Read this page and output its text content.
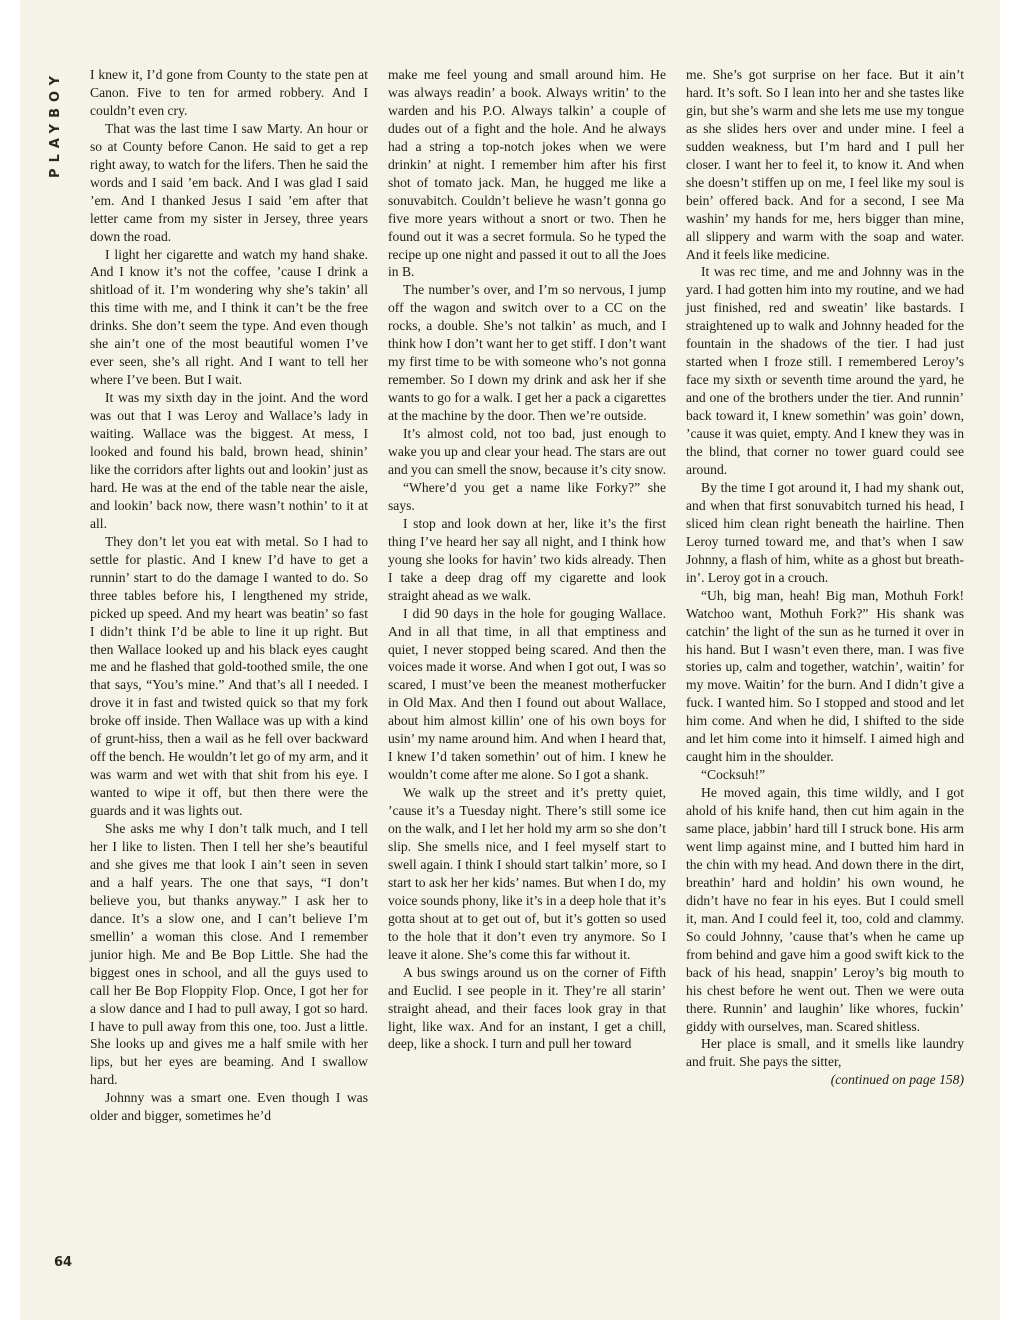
PLAYBOY I knew it, I’d gone from County to the state pen at Canon. Five to ten for armed robbery. And I couldn’t even cry.

That was the last time I saw Marty. An hour or so at County before Canon. He said to get a rep right away, to watch for the lifers. Then he said the words and I said ’em back. And I was glad I said ’em. And I thanked Jesus I said ’em after that letter came from my sister in Jersey, three years down the road.

I light her cigarette and watch my hand shake. And I know it’s not the coffee, ’cause I drink a shitload of it. I’m wondering why she’s takin’ all this time with me, and I think it can’t be the free drinks. She don’t seem the type. And even though she ain’t one of the most beautiful women I’ve ever seen, she’s all right. And I want to tell her where I’ve been. But I wait.

It was my sixth day in the joint. And the word was out that I was Leroy and Wallace’s lady in waiting. Wallace was the biggest. At mess, I looked and found his bald, brown head, shinin’ like the corridors after lights out and lookin’ just as hard. He was at the end of the table near the aisle, and lookin’ back now, there wasn’t nothin’ to it at all.

They don’t let you eat with metal. So I had to settle for plastic. And I knew I’d have to get a runnin’ start to do the damage I wanted to do. So three tables before his, I lengthened my stride, picked up speed. And my heart was beatin’ so fast I didn’t think I’d be able to line it up right. But then Wallace looked up and his black eyes caught me and he flashed that gold-toothed smile, the one that says, “You’s mine.” And that’s all I needed. I drove it in fast and twisted quick so that my fork broke off inside. Then Wallace was up with a kind of grunt-hiss, then a wail as he fell over backward off the bench. He wouldn’t let go of my arm, and it was warm and wet with that shit from his eye. I wanted to wipe it off, but then there were the guards and it was lights out.

She asks me why I don’t talk much, and I tell her I like to listen. Then I tell her she’s beautiful and she gives me that look I ain’t seen in seven and a half years. The one that says, “I don’t believe you, but thanks anyway.” I ask her to dance. It’s a slow one, and I can’t believe I’m smellin’ a woman this close. And I remember junior high. Me and Be Bop Little. She had the biggest ones in school, and all the guys used to call her Be Bop Floppity Flop. Once, I got her for a slow dance and I had to pull away, I got so hard. I have to pull away from this one, too. Just a little. She looks up and gives me a half smile with her lips, but her eyes are beaming. And I swallow hard.

Johnny was a smart one. Even though I was older and bigger, sometimes he’d

make me feel young and small around him. He was always readin’ a book. Always writin’ to the warden and his P.O. Always talkin’ a couple of dudes out of a fight and the hole. And he always had a string a top-notch jokes when we were drinkin’ at night. I remember him after his first shot of tomato jack. Man, he hugged me like a sonuvabitch. Couldn’t believe he wasn’t gonna go five more years without a snort or two. Then he found out it was a secret formula. So he typed the recipe up one night and passed it out to all the Joes in B.

The number’s over, and I’m so nervous, I jump off the wagon and switch over to a CC on the rocks, a double. She’s not talkin’ as much, and I think how I don’t want her to get stiff. I don’t want my first time to be with someone who’s not gonna remember. So I down my drink and ask her if she wants to go for a walk. I get her a pack a cigarettes at the machine by the door. Then we’re outside.

It’s almost cold, not too bad, just enough to wake you up and clear your head. The stars are out and you can smell the snow, because it’s city snow.

“Where’d you get a name like Forky?” she says.

I stop and look down at her, like it’s the first thing I’ve heard her say all night, and I think how young she looks for havin’ two kids already. Then I take a deep drag off my cigarette and look straight ahead as we walk.

I did 90 days in the hole for gouging Wallace. And in all that time, in all that emptiness and quiet, I never stopped being scared. And then the voices made it worse. And when I got out, I was so scared, I must’ve been the meanest motherfucker in Old Max. And then I found out about Wallace, about him almost killin’ one of his own boys for usin’ my name around him. And when I heard that, I knew I’d taken somethin’ out of him. I knew he wouldn’t come after me alone. So I got a shank.

We walk up the street and it’s pretty quiet, ’cause it’s a Tuesday night. There’s still some ice on the walk, and I let her hold my arm so she don’t slip. She smells nice, and I feel myself start to swell again. I think I should start talkin’ more, so I start to ask her her kids’ names. But when I do, my voice sounds phony, like it’s in a deep hole that it’s gotta shout at to get out of, but it’s gotten so used to the hole that it don’t even try anymore. So I leave it alone. She’s come this far without it.

A bus swings around us on the corner of Fifth and Euclid. I see people in it. They’re all starin’ straight ahead, and their faces look gray in that light, like wax. And for an instant, I get a chill, deep, like a shock. I turn and pull her toward

me. She’s got surprise on her face. But it ain’t hard. It’s soft. So I lean into her and she tastes like gin, but she’s warm and she lets me use my tongue as she slides hers over and under mine. I feel a sudden weakness, but I’m hard and I pull her closer. I want her to feel it, to know it. And when she doesn’t stiffen up on me, I feel like my soul is bein’ offered back. And for a second, I see Ma washin’ my hands for me, hers bigger than mine, all slippery and warm with the soap and water. And it feels like medicine.

It was rec time, and me and Johnny was in the yard. I had gotten him into my routine, and we had just finished, red and sweatin’ like bastards. I straightened up to walk and Johnny headed for the fountain in the shadows of the tier. I had just started when I froze still. I remembered Leroy’s face my sixth or seventh time around the yard, he and one of the brothers under the tier. And runnin’ back toward it, I knew somethin’ was goin’ down, ’cause it was quiet, empty. And I knew they was in the blind, that corner no tower guard could see around.

By the time I got around it, I had my shank out, and when that first sonuvabitch turned his head, I sliced him clean right beneath the hairline. Then Leroy turned toward me, and that’s when I saw Johnny, a flash of him, white as a ghost but breathin’. Leroy got in a crouch.

“Uh, big man, heah! Big man, Mothuh Fork! Watchoo want, Mothuh Fork?” His shank was catchin’ the light of the sun as he turned it over in his hand. But I wasn’t even there, man. I was five stories up, calm and together, watchin’, waitin’ for my move. Waitin’ for the burn. And I didn’t give a fuck. I wanted him. So I stopped and stood and let him come. And when he did, I shifted to the side and let him come into it himself. I aimed high and caught him in the shoulder.

“Cocksuh!”

He moved again, this time wildly, and I got ahold of his knife hand, then cut him again in the same place, jabbin’ hard till I struck bone. His arm went limp against mine, and I butted him hard in the chin with my head. And down there in the dirt, breathin’ hard and holdin’ his own wound, he didn’t have no fear in his eyes. But I could smell it, man. And I could feel it, too, cold and clammy. So could Johnny, ’cause that’s when he came up from behind and gave him a good swift kick to the back of his head, snappin’ Leroy’s big mouth to his chest before he went out. Then we were outa there. Runnin’ and laughin’ like whores, fuckin’ giddy with ourselves, man. Scared shitless.

Her place is small, and it smells like laundry and fruit. She pays the sitter,

(continued on page 158)

64
